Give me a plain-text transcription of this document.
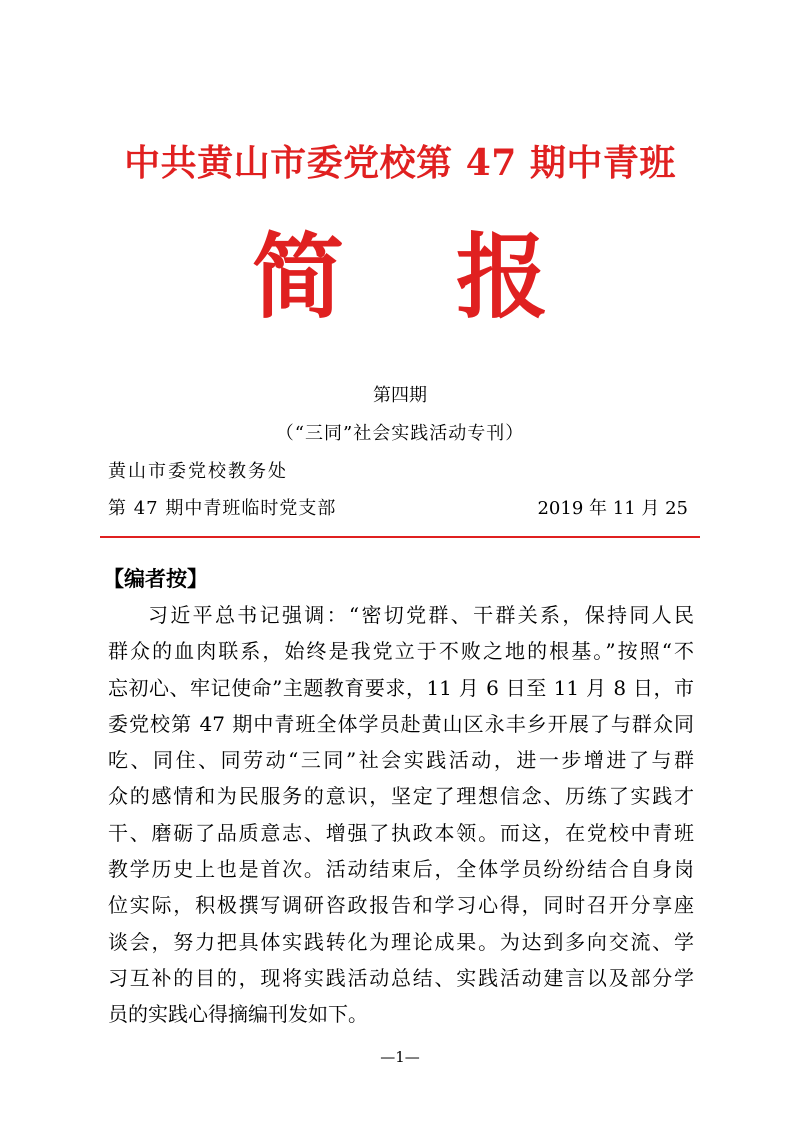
中共黄山市委党校第 47 期中青班
简 报
第四期
（“三同”社会实践活动专刊）
黄山市委党校教务处
第 47 期中青班临时党支部	2019 年 11 月 25
【编者按】
习近平总书记强调：“密切党群、干群关系，保持同人民
群众的血肉联系，始终是我党立于不败之地的根基。”按照“不
忘初心、牢记使命”主题教育要求，11 月 6 日至 11 月 8 日，市
委党校第 47 期中青班全体学员赴黄山区永丰乡开展了与群众同
吃、同住、同劳动“三同”社会实践活动，进一步增进了与群
众的感情和为民服务的意识，坚定了理想信念、历练了实践才
干、磨砺了品质意志、增强了执政本领。而这，在党校中青班
教学历史上也是首次。活动结束后，全体学员纷纷结合自身岗
位实际，积极撰写调研咨政报告和学习心得，同时召开分享座
谈会，努力把具体实践转化为理论成果。为达到多向交流、学
习互补的目的，现将实践活动总结、实践活动建言以及部分学
员的实践心得摘编刊发如下。
—1—
